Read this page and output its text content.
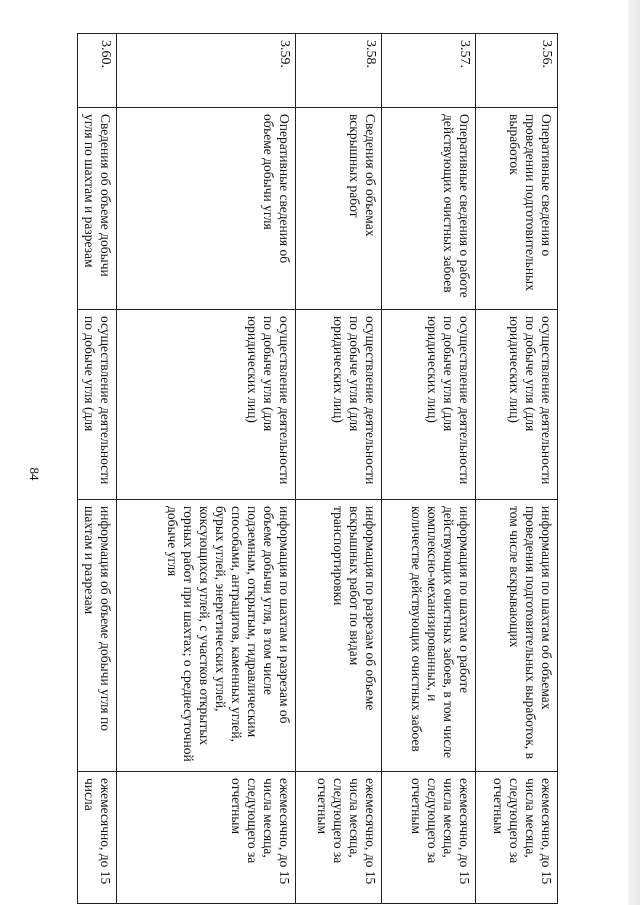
84
3.56.	Оперативные сведения о проведении подготовительных выработок	осуществление деятельности по добыче угля (для юридических лиц)	информация по шахтам об объемах проведения подготовительных выработок, в том числе вскрывающих	ежемесячно, до 15 числа месяца, следующего за отчетным
3.57.	Оперативные сведения о работе действующих очистных забоев	осуществление деятельности по добыче угля (для юридических лиц)	информация по шахтам о работе действующих очистных забоев, в том числе комплексно-механизированных, и количестве действующих очистных забоев	ежемесячно, до 15 числа месяца, следующего за отчетным
3.58.	Сведения об объемах вскрышных работ	осуществление деятельности по добыче угля (для юридических лиц)	информация по разрезам об объеме вскрышных работ по видам транспортировки	ежемесячно, до 15 числа месяца, следующего за отчетным
3.59.	Оперативные сведения об объеме добычи угля	осуществление деятельности по добыче угля (для юридических лиц)	информация по шахтам и разрезам об объеме добычи угля, в том числе подземным, открытым, гидравлическим способами, антрацитов, каменных углей, бурых углей, энергетических углей, коксующихся углей, с участков открытых горных работ при шахтах; о среднесуточной добыче угля	ежемесячно, до 15 числа месяца, следующего за отчетным
3.60.	Сведения об объеме добычи угля по шахтам и разрезам	осуществление деятельности по добыче угля (для	информация об объеме добычи угля по шахтам и разрезам	ежемесячно, до 15 числа
